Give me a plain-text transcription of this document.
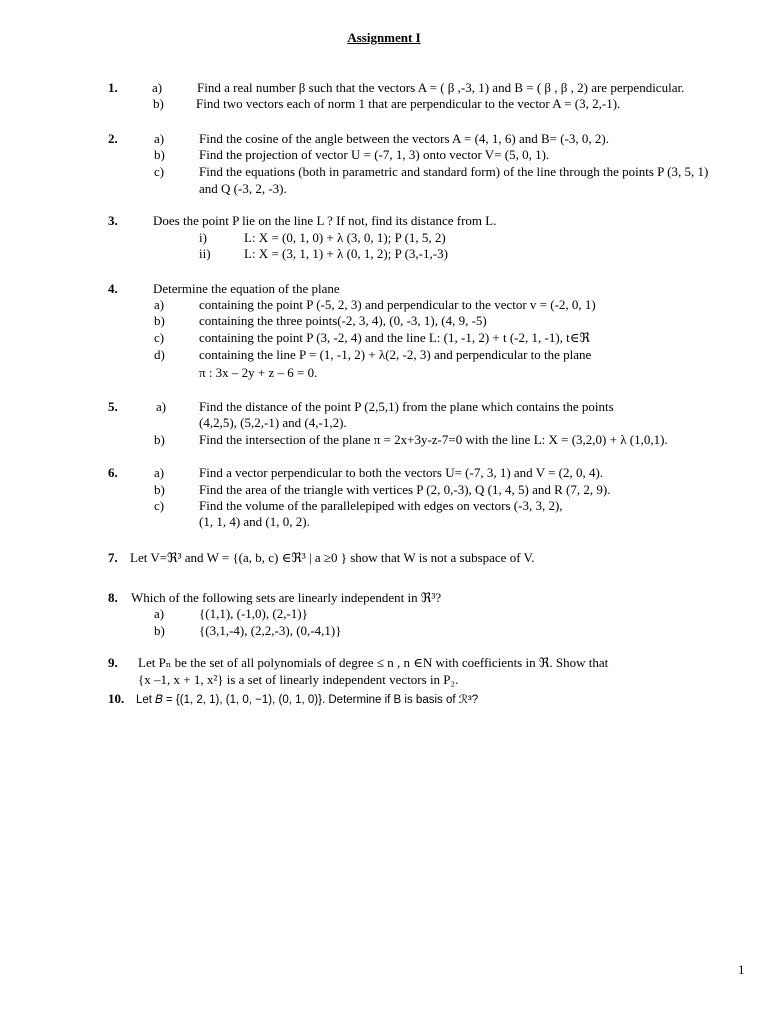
Assignment I
1.	a)	Find a real number β such that the vectors A = ( β ,-3, 1) and B = ( β , β , 2) are perpendicular.
b) Find two vectors each of norm 1 that are perpendicular to the vector A = (3, 2,-1).
2.	a)	Find the cosine of the angle between the vectors A = (4, 1, 6) and B= (-3, 0, 2).
b)	Find the projection of vector U = (-7, 1, 3) onto vector V= (5, 0, 1).
c)	Find the equations (both in parametric and standard form) of the line through the points P (3, 5, 1)
and Q (-3, 2, -3).
3.	Does the point P lie on the line L ? If not, find its distance from L.
i)	L: X = (0, 1, 0) + λ (3, 0, 1); P (1, 5, 2)
ii)	L: X = (3, 1, 1) + λ (0, 1, 2); P (3,-1,-3)
4.	Determine the equation of the plane
a)	containing the point P (-5, 2, 3) and perpendicular to the vector v = (-2, 0, 1)
b)	containing the three points(-2, 3, 4), (0, -3, 1), (4, 9, -5)
c)	containing the point P (3, -2, 4) and the line L: (1, -1, 2) + t (-2, 1, -1), t∈ℜ
d)	containing the line P = (1, -1, 2) + λ(2, -2, 3) and perpendicular to the plane
π : 3x – 2y + z – 6 = 0.
5.	a)	Find the distance of the point P (2,5,1) from the plane which contains the points
(4,2,5), (5,2,-1) and (4,-1,2).
b)	Find the intersection of the plane π = 2x+3y-z-7=0 with the line L: X = (3,2,0) + λ (1,0,1).
6.	a)	Find a vector perpendicular to both the vectors U= (-7, 3, 1) and V = (2, 0, 4).
b)	Find the area of the triangle with vertices P (2, 0,-3), Q (1, 4, 5) and R (7, 2, 9).
c)	Find the volume of the parallelepiped with edges on vectors (-3, 3, 2),
(1, 1, 4) and (1, 0, 2).
7. Let V=ℜ³ and W = {(a, b, c) ∈ℜ³ | a ≥0 } show that W is not a subspace of V.
8. Which of the following sets are linearly independent in ℜ³?
a)	{(1,1), (-1,0), (2,-1)}
b)	{(3,1,-4), (2,2,-3), (0,-4,1)}
9. Let Pₙ be the set of all polynomials of degree ≤ n , n ∈N with coefficients in ℜ. Show that
{x –1, x + 1, x²} is a set of linearly independent vectors in P₂.
10. Let 𝐵 = {(1, 2, 1), (1, 0, −1), (0, 1, 0)}. Determine if B is basis of ℛ³?
1
